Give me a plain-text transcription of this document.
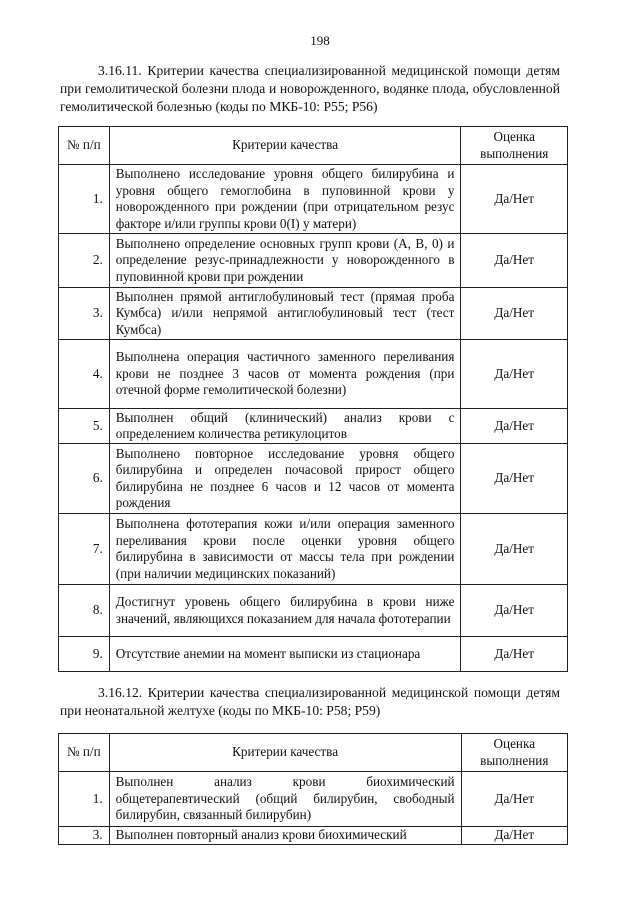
198
3.16.11. Критерии качества специализированной медицинской помощи детям при гемолитической болезни плода и новорожденного, водянке плода, обусловленной гемолитической болезнью (коды по МКБ-10: P55; P56)
№ п/п	Критерии качества	Оценка выполнения
1.	Выполнено исследование уровня общего билирубина и уровня общего гемоглобина в пуповинной крови у новорожденного при рождении (при отрицательном резус факторе и/или группы крови 0(I) у матери)	Да/Нет
2.	Выполнено определение основных групп крови (A, B, 0) и определение резус-принадлежности у новорожденного в пуповинной крови при рождении	Да/Нет
3.	Выполнен прямой антиглобулиновый тест (прямая проба Кумбса) и/или непрямой антиглобулиновый тест (тест Кумбса)	Да/Нет
4.	Выполнена операция частичного заменного переливания крови не позднее 3 часов от момента рождения (при отечной форме гемолитической болезни)	Да/Нет
5.	Выполнен общий (клинический) анализ крови с определением количества ретикулоцитов	Да/Нет
6.	Выполнено повторное исследование уровня общего билирубина и определен почасовой прирост общего билирубина не позднее 6 часов и 12 часов от момента рождения	Да/Нет
7.	Выполнена фототерапия кожи и/или операция заменного переливания крови после оценки уровня общего билирубина в зависимости от массы тела при рождении (при наличии медицинских показаний)	Да/Нет
8.	Достигнут уровень общего билирубина в крови ниже значений, являющихся показанием для начала фототерапии	Да/Нет
9.	Отсутствие анемии на момент выписки из стационара	Да/Нет
3.16.12. Критерии качества специализированной медицинской помощи детям при неонатальной желтухе (коды по МКБ-10: P58; P59)
№ п/п	Критерии качества	Оценка выполнения
1.	Выполнен анализ крови биохимический общетерапевтический (общий билирубин, свободный билирубин, связанный билирубин)	Да/Нет
3.	Выполнен повторный анализ крови биохимический	Да/Нет
